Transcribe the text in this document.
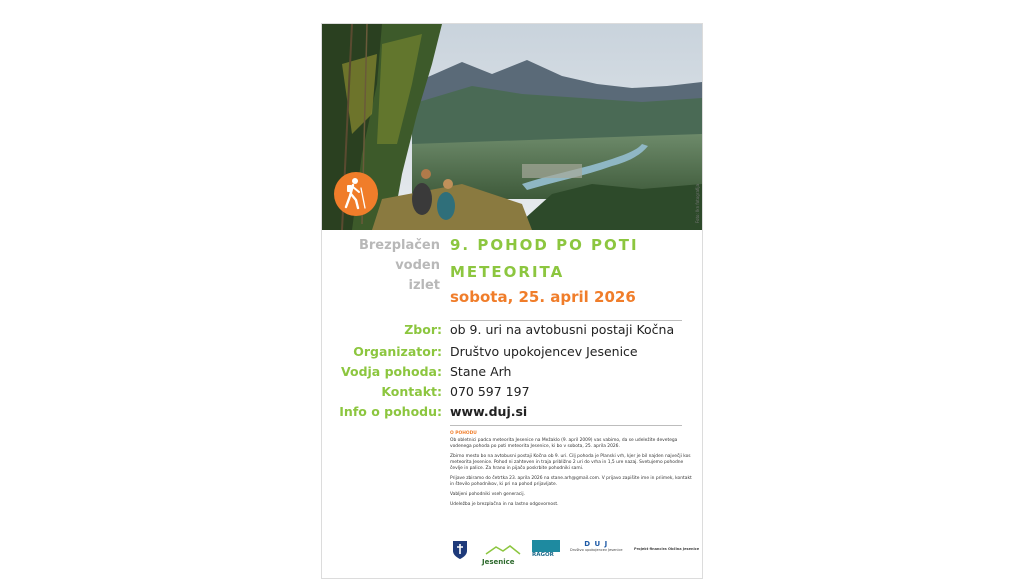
Foto: Ikn fotografija
Brezplačen
voden
izlet
9. POHOD PO POTI
METEORITA
sobota, 25. april 2026
Zbor: ob 9. uri na avtobusni postaji Kočna
Organizator: Društvo upokojencev Jesenice
Vodja pohoda: Stane Arh
Kontakt: 070 597 197
Info o pohodu: www.duj.si

O POHODU

Ob obletnici padca meteorita Jesenice na Mežaklo (9. april 2009) vas vabimo, da se udeležite devetega vodenega pohoda po poti meteorita Jesenice, ki bo v sobota, 25. aprila 2026.

Zbirno mesto bo na avtobusni postaji Kočna ob 9. uri. Cilj pohoda je Planski vrh, kjer je bil najden največji kos meteorita Jesenice. Pohod ni zahteven in traja približno 2 uri do vrha in 1,5 ure nazaj. Svetujemo pohodne čevlje in palice. Za hrano in pijačo poskrbite pohodniki sami.

Prijave zbiramo do četrtka 23. aprila 2026 na stane.arh@gmail.com. V prijavo zapišite ime in priimek, kontakt in število pohodnikov, ki pri na pohod prijavljate.

Vabljeni pohodniki vseh generacij.

Udeležba je brezplačna in na lastno odgovornost.

Jesenice
RAGOR
D U J
Društvo upokojencev Jesenice	Projekt financira Občina Jesenice
